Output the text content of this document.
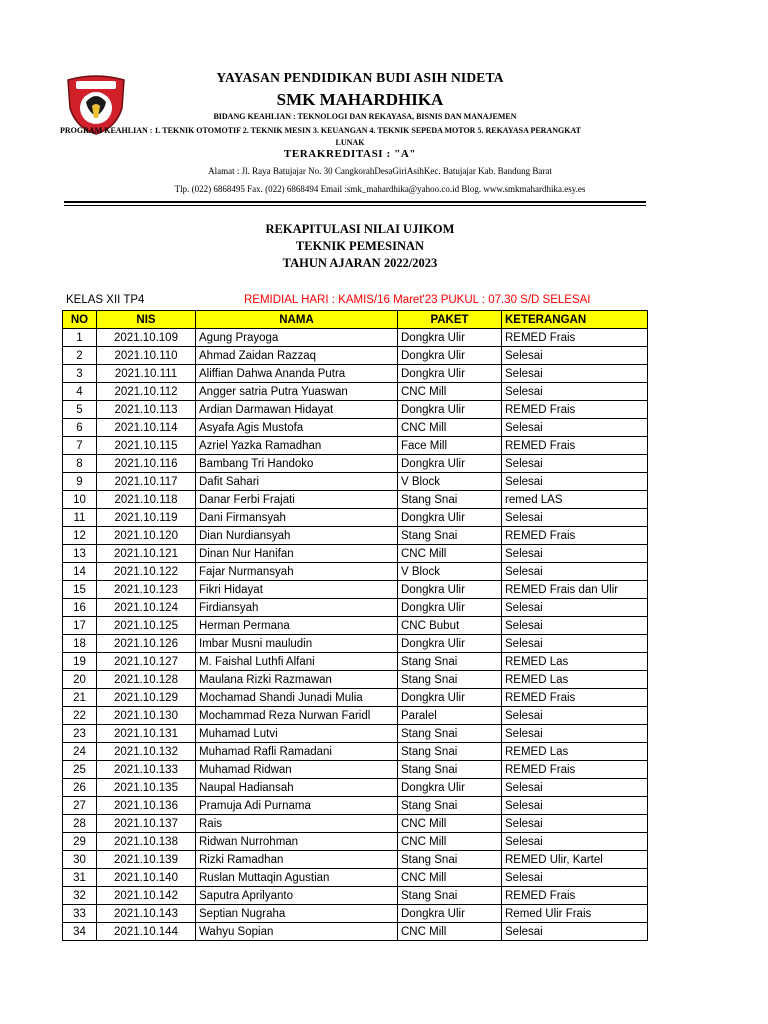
YAYASAN PENDIDIKAN BUDI ASIH NIDETA
SMK MAHARDHIKA
BIDANG KEAHLIAN : TEKNOLOGI DAN REKAYASA, BISNIS DAN MANAJEMEN
PROGRAM KEAHLIAN : 1. TEKNIK OTOMOTIF 2. TEKNIK MESIN 3. KEUANGAN 4. TEKNIK SEPEDA MOTOR 5. REKAYASA PERANGKAT
LUNAK
TERAKREDITASI : "A"
Alamat : Jl. Raya Batujajar No. 30 CangkorahDesaGiriAsihKec. Batujajar Kab. Bandung Barat
Tlp. (022) 6868495 Fax. (022) 6868494 Email :smk_mahardhika@yahoo.co.id Blog. www.smkmahardhika.esy.es
REKAPITULASI NILAI UJIKOM
TEKNIK PEMESINAN
TAHUN AJARAN 2022/2023
KELAS XII TP4	REMIDIAL HARI : KAMIS/16 Maret'23 PUKUL : 07.30 S/D SELESAI
NO	NIS	NAMA	PAKET	KETERANGAN
1	2021.10.109	Agung Prayoga	Dongkra Ulir	REMED Frais
2	2021.10.110	Ahmad Zaidan Razzaq	Dongkra Ulir	Selesai
3	2021.10.111	Aliffian Dahwa Ananda Putra	Dongkra Ulir	Selesai
4	2021.10.112	Angger satria Putra Yuaswan	CNC Mill	Selesai
5	2021.10.113	Ardian Darmawan Hidayat	Dongkra Ulir	REMED Frais
6	2021.10.114	Asyafa Agis Mustofa	CNC Mill	Selesai
7	2021.10.115	Azriel Yazka Ramadhan	Face Mill	REMED Frais
8	2021.10.116	Bambang Tri Handoko	Dongkra Ulir	Selesai
9	2021.10.117	Dafit Sahari	V Block	Selesai
10	2021.10.118	Danar Ferbi Frajati	Stang Snai	remed LAS
11	2021.10.119	Dani Firmansyah	Dongkra Ulir	Selesai
12	2021.10.120	Dian Nurdiansyah	Stang Snai	REMED Frais
13	2021.10.121	Dinan Nur Hanifan	CNC Mill	Selesai
14	2021.10.122	Fajar Nurmansyah	V Block	Selesai
15	2021.10.123	Fikri Hidayat	Dongkra Ulir	REMED Frais dan Ulir
16	2021.10.124	Firdiansyah	Dongkra Ulir	Selesai
17	2021.10.125	Herman Permana	CNC Bubut	Selesai
18	2021.10.126	Imbar Musni mauludin	Dongkra Ulir	Selesai
19	2021.10.127	M. Faishal Luthfi Alfani	Stang Snai	REMED Las
20	2021.10.128	Maulana Rizki Razmawan	Stang Snai	REMED Las
21	2021.10.129	Mochamad Shandi Junadi Mulia	Dongkra Ulir	REMED Frais
22	2021.10.130	Mochammad Reza Nurwan Faridl	Paralel	Selesai
23	2021.10.131	Muhamad Lutvi	Stang Snai	Selesai
24	2021.10.132	Muhamad Rafli Ramadani	Stang Snai	REMED Las
25	2021.10.133	Muhamad Ridwan	Stang Snai	REMED Frais
26	2021.10.135	Naupal Hadiansah	Dongkra Ulir	Selesai
27	2021.10.136	Pramuja Adi Purnama	Stang Snai	Selesai
28	2021.10.137	Rais	CNC Mill	Selesai
29	2021.10.138	Ridwan Nurrohman	CNC Mill	Selesai
30	2021.10.139	Rizki Ramadhan	Stang Snai	REMED Ulir, Kartel
31	2021.10.140	Ruslan Muttaqin Agustian	CNC Mill	Selesai
32	2021.10.142	Saputra Aprilyanto	Stang Snai	REMED Frais
33	2021.10.143	Septian Nugraha	Dongkra Ulir	Remed Ulir Frais
34	2021.10.144	Wahyu Sopian	CNC Mill	Selesai
